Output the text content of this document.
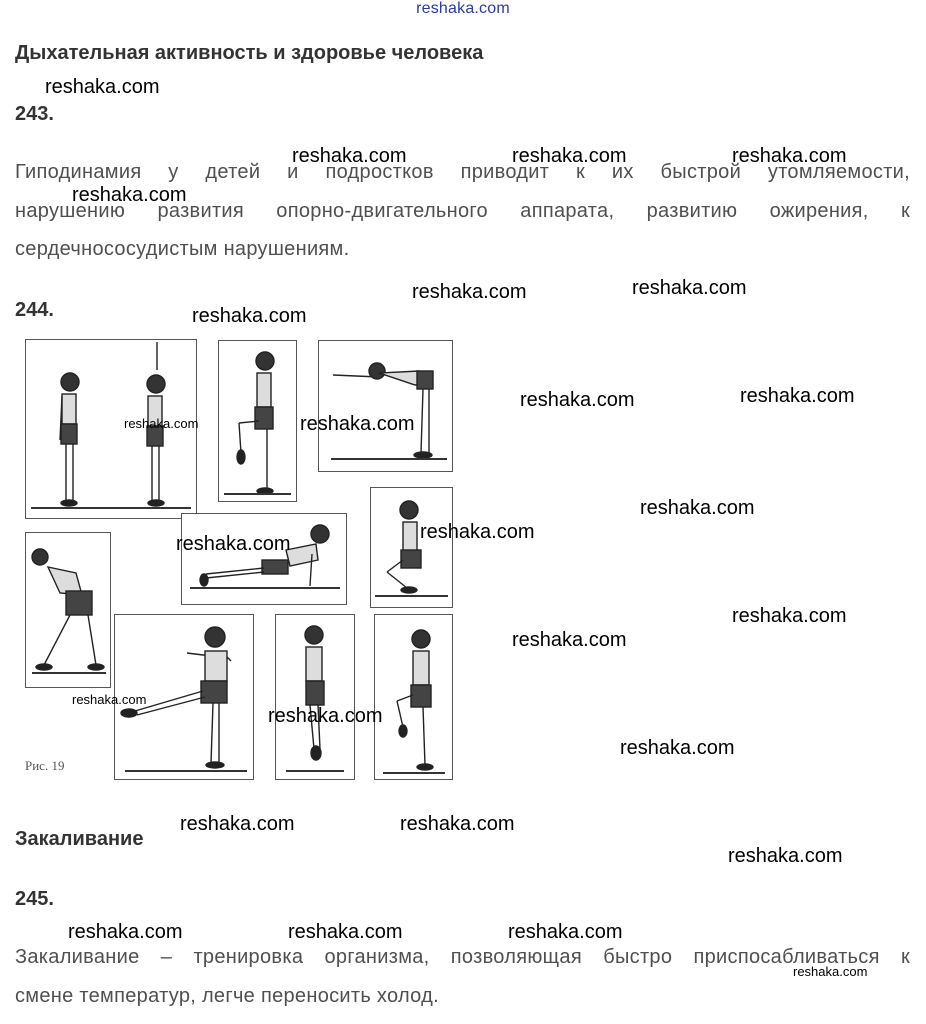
reshaka.com
Дыхательная активность и здоровье человека
243.
Гиподинамия у детей и подростков приводит к их быстрой утомляемости,
нарушению развития опорно-двигательного аппарата, развитию ожирения, к
сердечнососудистым нарушениям.
244.
Рис. 19
Закаливание
245.
Закаливание – тренировка организма, позволяющая быстро приспосабливаться к
смене температур, легче переносить холод.
reshaka.com
reshaka.com	reshaka.com	reshaka.com
reshaka.com
reshaka.com	reshaka.com
reshaka.com
reshaka.com	reshaka.com
reshaka.com	reshaka.com
reshaka.com
reshaka.com
reshaka.com
reshaka.com
reshaka.com
reshaka.com
reshaka.com
reshaka.com
reshaka.com	reshaka.com
reshaka.com
reshaka.com	reshaka.com	reshaka.com
reshaka.com
